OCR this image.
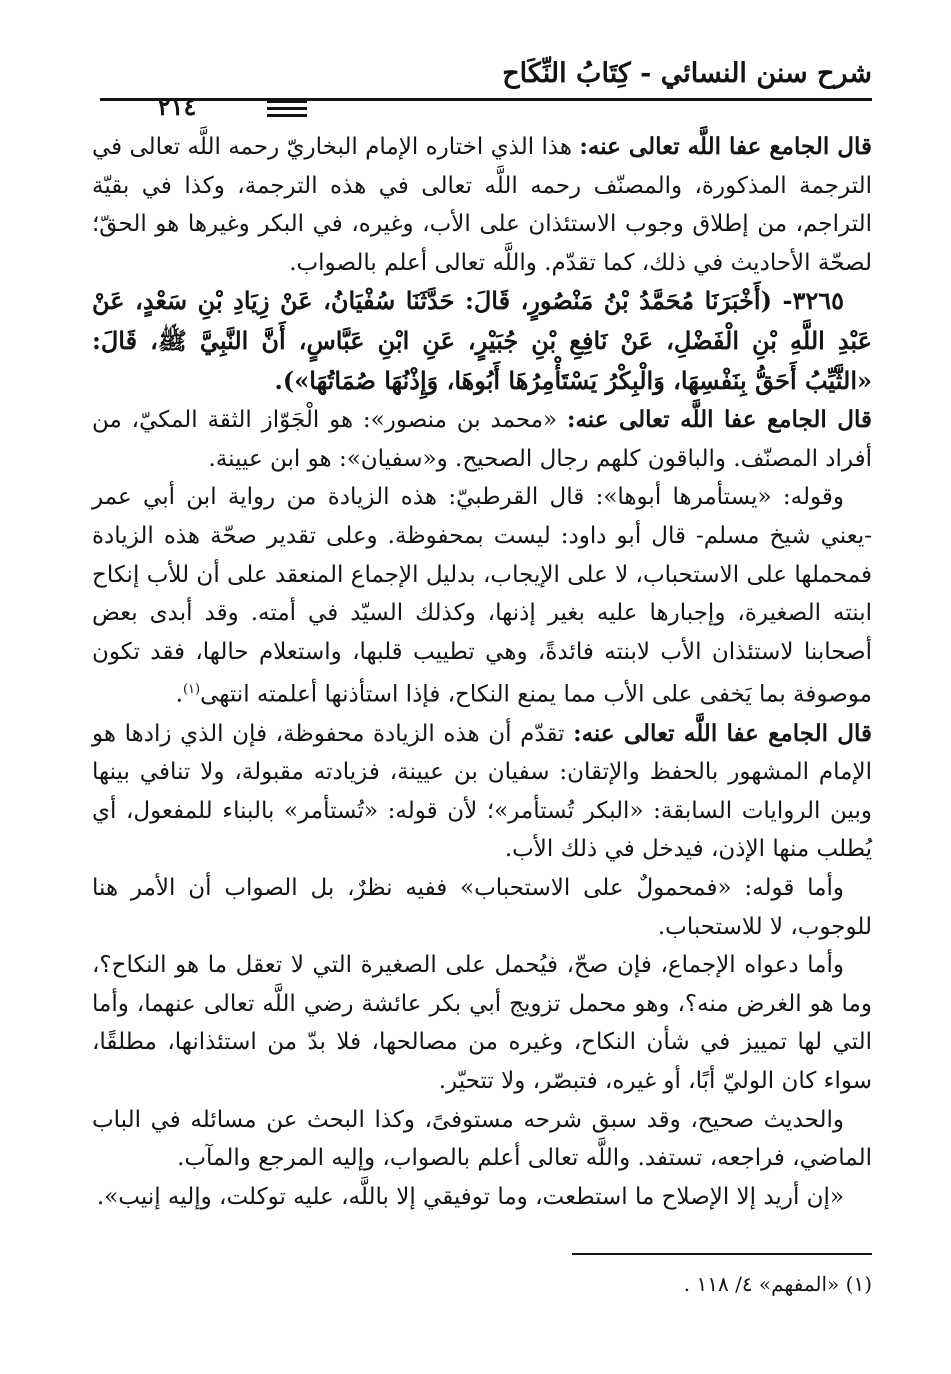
شرح سنن النسائي - كِتَابُ النِّكَاح
٢١٤

قال الجامع عفا اللَّه تعالى عنه: هذا الذي اختاره الإمام البخاريّ رحمه اللَّه تعالى في الترجمة المذكورة، والمصنّف رحمه اللَّه تعالى في هذه الترجمة، وكذا في بقيّة التراجم، من إطلاق وجوب الاستئذان على الأب، وغيره، في البكر وغيرها هو الحقّ؛ لصحّة الأحاديث في ذلك، كما تقدّم. واللَّه تعالى أعلم بالصواب.

٣٢٦٥- (أَخْبَرَنَا مُحَمَّدُ بْنُ مَنْصُورٍ، قَالَ: حَدَّثَنَا سُفْيَانُ، عَنْ زِيَادِ بْنِ سَعْدٍ، عَنْ عَبْدِ اللَّهِ بْنِ الْفَضْلِ، عَنْ نَافِعِ بْنِ جُبَيْرٍ، عَنِ ابْنِ عَبَّاسٍ، أَنَّ النَّبِيَّ ﷺ، قَالَ: «الثَّيِّبُ أَحَقُّ بِنَفْسِهَا، وَالْبِكْرُ يَسْتَأْمِرُهَا أَبُوهَا، وَإِذْنُهَا صُمَاتُهَا»).

قال الجامع عفا اللَّه تعالى عنه: «محمد بن منصور»: هو الْجَوّاز الثقة المكيّ، من أفراد المصنّف. والباقون كلهم رجال الصحيح. و«سفيان»: هو ابن عيينة.

وقوله: «يستأمرها أبوها»: قال القرطبيّ: هذه الزيادة من رواية ابن أبي عمر -يعني شيخ مسلم- قال أبو داود: ليست بمحفوظة. وعلى تقدير صحّة هذه الزيادة فمحملها على الاستحباب، لا على الإيجاب، بدليل الإجماع المنعقد على أن للأب إنكاح ابنته الصغيرة، وإجبارها عليه بغير إذنها، وكذلك السيّد في أمته. وقد أبدى بعض أصحابنا لاستئذان الأب لابنته فائدةً، وهي تطييب قلبها، واستعلام حالها، فقد تكون موصوفة بما يَخفى على الأب مما يمنع النكاح، فإذا استأذنها أعلمته انتهى$^{(١)}$.

قال الجامع عفا اللَّه تعالى عنه: تقدّم أن هذه الزيادة محفوظة، فإن الذي زادها هو الإمام المشهور بالحفظ والإتقان: سفيان بن عيينة، فزيادته مقبولة، ولا تنافي بينها وبين الروايات السابقة: «البكر تُستأمر»؛ لأن قوله: «تُستأمر» بالبناء للمفعول، أي يُطلب منها الإذن، فيدخل في ذلك الأب.

وأما قوله: «فمحمولٌ على الاستحباب» ففيه نظرٌ، بل الصواب أن الأمر هنا للوجوب، لا للاستحباب.

وأما دعواه الإجماع، فإن صحّ، فيُحمل على الصغيرة التي لا تعقل ما هو النكاح؟، وما هو الغرض منه؟، وهو محمل تزويج أبي بكر عائشة رضي اللَّه تعالى عنهما، وأما التي لها تمييز في شأن النكاح، وغيره من مصالحها، فلا بدّ من استئذانها، مطلقًا، سواء كان الوليّ أبًا، أو غيره، فتبصّر، ولا تتحيّر.

والحديث صحيح، وقد سبق شرحه مستوفىً، وكذا البحث عن مسائله في الباب الماضي، فراجعه، تستفد. واللَّه تعالى أعلم بالصواب، وإليه المرجع والمآب.

«إن أريد إلا الإصلاح ما استطعت، وما توفيقي إلا باللَّه، عليه توكلت، وإليه إنيب».

(١) «المفهم» ٤/ ١١٨ .
